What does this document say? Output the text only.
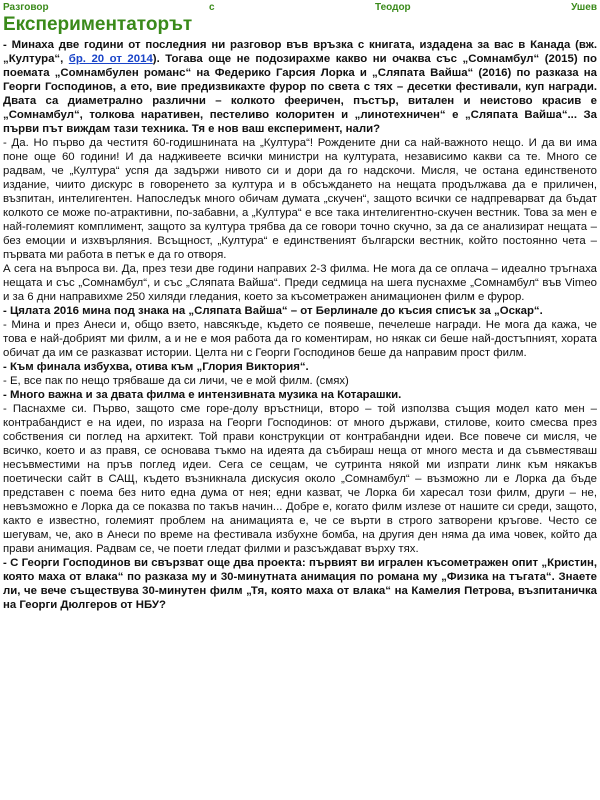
Разговор	с	Теодор	Ушев
Експериментаторът

- Минаха две години от последния ни разговор във връзка с книгата, издадена за вас в Канада (вж. „Култура“, бр. 20 от 2014). Тогава още не подозирахме какво ни очаква със „Сомнамбул“ (2015) по поемата „Сомнамбулен романс“ на Федерико Гарсия Лорка и „Сляпата Вайша“ (2016) по разказа на Георги Господинов, а ето, вие предизвикахте фурор по света с тях – десетки фестивали, куп награди. Двата са диаметрално различни – колкото фееричен, пъстър, витален и неистово красив е „Сомнамбул“, толкова наративен, пестеливо колоритен и „линотехничен“ е „Сляпата Вайша“... За първи път виждам тази техника. Тя е нов ваш експеримент, нали?

- Да. Но първо да честитя 60-годишнината на „Култура“! Рождените дни са най-важното нещо. И да ви има поне още 60 години! И да надживеете всички министри на културата, независимо какви са те. Много се радвам, че „Култура“ успя да задържи нивото си и дори да го надскочи. Мисля, че остана единственото издание, чиито дискурс в говоренето за култура и в обсъждането на нещата продължава да е приличен, възпитан, интелигентен. Напоследък много обичам думата „скучен“, защото всички се надпреварват да бъдат колкото се може по-атрактивни, по-забавни, а „Култура“ е все така интелигентно-скучен вестник. Това за мен е най-големият комплимент, защото за култура трябва да се говори точно скучно, за да се анализират нещата – без емоции и изхвърляния. Всъщност, „Култура“ е единственият български вестник, който постоянно чета – първата ми работа в петък е да го отворя.

А сега на въпроса ви. Да, през тези две години направих 2-3 филма. Не мога да се оплача – идеално тръгнаха нещата и със „Сомнамбул“, и със „Сляпата Вайша“. Преди седмица на шега пуснахме „Сомнамбул“ във Vimeo и за 6 дни направихме 250 хиляди гледания, което за късометражен анимационен филм е фурор.

- Цялата 2016 мина под знака на „Сляпата Вайша“ – от Берлинале до късия списък за „Оскар“.

- Мина и през Анеси и, общо взето, навсякъде, където се появеше, печелеше награди. Не мога да кажа, че това е най-добрият ми филм, а и не е моя работа да го коментирам, но някак си беше най-достъпният, хората обичат да им се разказват истории. Целта ни с Георги Господинов беше да направим прост филм.

- Към финала избухва, отива към „Глория Виктория“.

- Е, все пак по нещо трябваше да си личи, че е мой филм. (смях)

- Много важна и за двата филма е интензивната музика на Котарашки.

- Паснахме си. Първо, защото сме горе-долу връстници, второ – той използва същия модел като мен – контрабандист е на идеи, по израза на Георги Господинов: от много държави, стилове, които смесва през собствения си поглед на архитект. Той прави конструкции от контрабандни идеи. Все повече си мисля, че всичко, което и аз правя, се основава тъкмо на идеята да събираш неща от много места и да съвместяваш несъвместими на пръв поглед идеи. Сега се сещам, че сутринта някой ми изпрати линк към някакъв поетически сайт в САЩ, където възникнала дискусия около „Сомнамбул“ – възможно ли е Лорка да бъде представен с поема без нито една дума от нея; едни казват, че Лорка би харесал този филм, други – не, невъзможно е Лорка да се показва по такъв начин... Добре е, когато филм излезе от нашите си среди, защото, както е известно, големият проблем на анимацията е, че се върти в строго затворени кръгове. Често се шегувам, че, ако в Анеси по време на фестивала избухне бомба, на другия ден няма да има човек, който да прави анимация. Радвам се, че поети гледат филми и разсъждават върху тях.

- С Георги Господинов ви свързват още два проекта: първият ви игрален късометражен опит „Кристин, която маха от влака“ по разказа му и 30-минутната анимация по романа му „Физика на тъгата“. Знаете ли, че вече съществува 30-минутен филм „Тя, която маха от влака“ на Камелия Петрова, възпитаничка на Георги Дюлгеров от НБУ?
